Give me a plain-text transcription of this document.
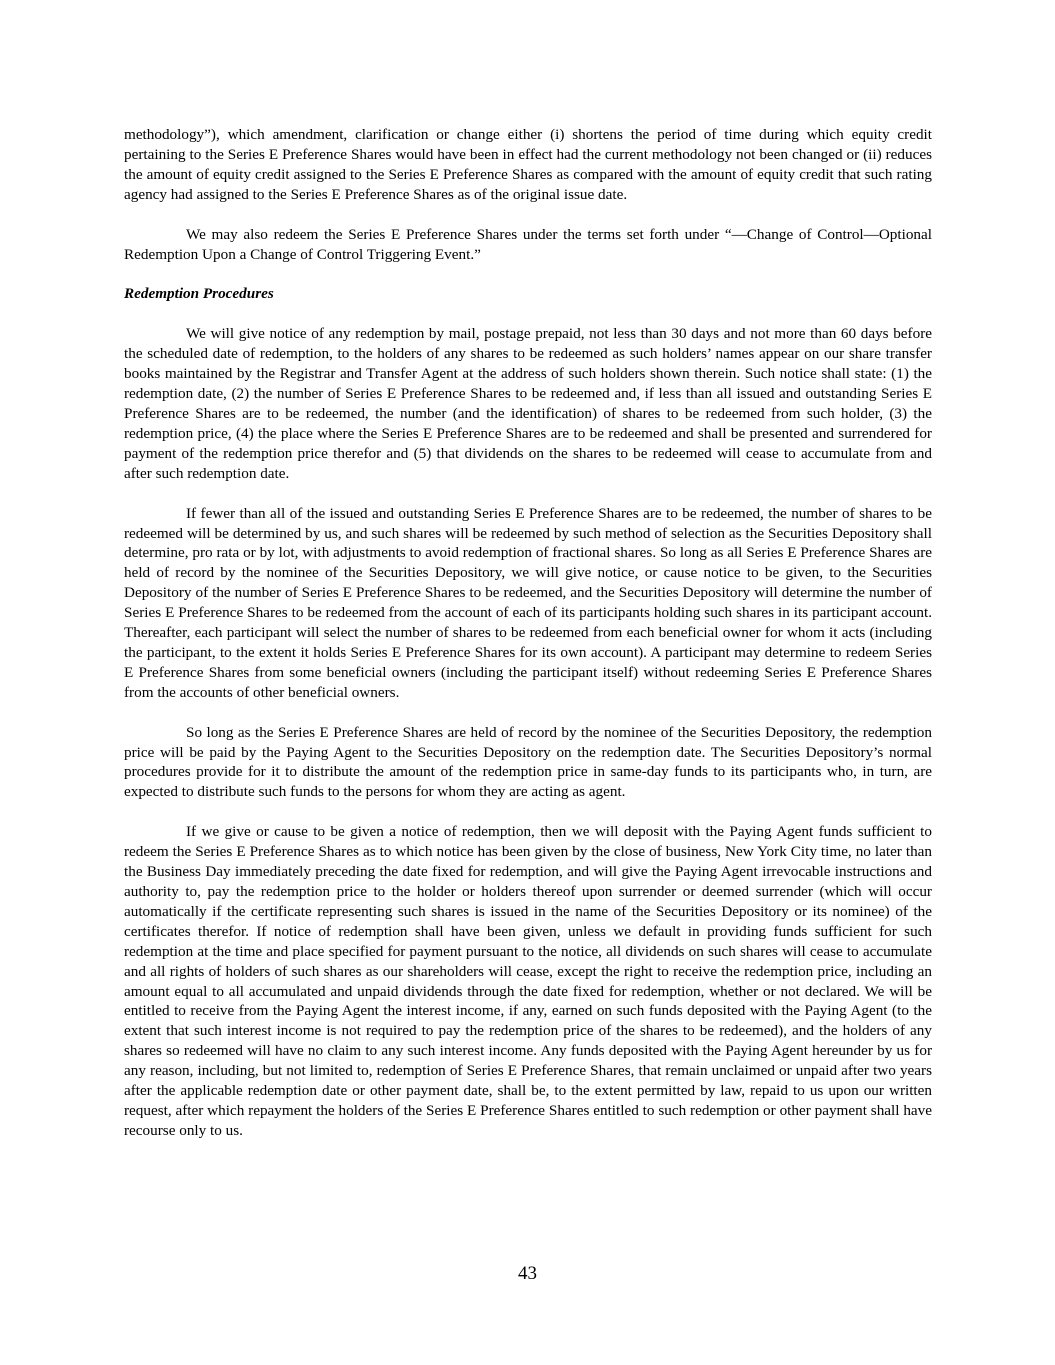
methodology”), which amendment, clarification or change either (i) shortens the period of time during which equity credit pertaining to the Series E Preference Shares would have been in effect had the current methodology not been changed or (ii) reduces the amount of equity credit assigned to the Series E Preference Shares as compared with the amount of equity credit that such rating agency had assigned to the Series E Preference Shares as of the original issue date.

We may also redeem the Series E Preference Shares under the terms set forth under “—Change of Control—Optional Redemption Upon a Change of Control Triggering Event.”

Redemption Procedures

We will give notice of any redemption by mail, postage prepaid, not less than 30 days and not more than 60 days before the scheduled date of redemption, to the holders of any shares to be redeemed as such holders’ names appear on our share transfer books maintained by the Registrar and Transfer Agent at the address of such holders shown therein. Such notice shall state: (1) the redemption date, (2) the number of Series E Preference Shares to be redeemed and, if less than all issued and outstanding Series E Preference Shares are to be redeemed, the number (and the identification) of shares to be redeemed from such holder, (3) the redemption price, (4) the place where the Series E Preference Shares are to be redeemed and shall be presented and surrendered for payment of the redemption price therefor and (5) that dividends on the shares to be redeemed will cease to accumulate from and after such redemption date.

If fewer than all of the issued and outstanding Series E Preference Shares are to be redeemed, the number of shares to be redeemed will be determined by us, and such shares will be redeemed by such method of selection as the Securities Depository shall determine, pro rata or by lot, with adjustments to avoid redemption of fractional shares. So long as all Series E Preference Shares are held of record by the nominee of the Securities Depository, we will give notice, or cause notice to be given, to the Securities Depository of the number of Series E Preference Shares to be redeemed, and the Securities Depository will determine the number of Series E Preference Shares to be redeemed from the account of each of its participants holding such shares in its participant account. Thereafter, each participant will select the number of shares to be redeemed from each beneficial owner for whom it acts (including the participant, to the extent it holds Series E Preference Shares for its own account). A participant may determine to redeem Series E Preference Shares from some beneficial owners (including the participant itself) without redeeming Series E Preference Shares from the accounts of other beneficial owners.

So long as the Series E Preference Shares are held of record by the nominee of the Securities Depository, the redemption price will be paid by the Paying Agent to the Securities Depository on the redemption date. The Securities Depository’s normal procedures provide for it to distribute the amount of the redemption price in same-day funds to its participants who, in turn, are expected to distribute such funds to the persons for whom they are acting as agent.

If we give or cause to be given a notice of redemption, then we will deposit with the Paying Agent funds sufficient to redeem the Series E Preference Shares as to which notice has been given by the close of business, New York City time, no later than the Business Day immediately preceding the date fixed for redemption, and will give the Paying Agent irrevocable instructions and authority to, pay the redemption price to the holder or holders thereof upon surrender or deemed surrender (which will occur automatically if the certificate representing such shares is issued in the name of the Securities Depository or its nominee) of the certificates therefor. If notice of redemption shall have been given, unless we default in providing funds sufficient for such redemption at the time and place specified for payment pursuant to the notice, all dividends on such shares will cease to accumulate and all rights of holders of such shares as our shareholders will cease, except the right to receive the redemption price, including an amount equal to all accumulated and unpaid dividends through the date fixed for redemption, whether or not declared. We will be entitled to receive from the Paying Agent the interest income, if any, earned on such funds deposited with the Paying Agent (to the extent that such interest income is not required to pay the redemption price of the shares to be redeemed), and the holders of any shares so redeemed will have no claim to any such interest income. Any funds deposited with the Paying Agent hereunder by us for any reason, including, but not limited to, redemption of Series E Preference Shares, that remain unclaimed or unpaid after two years after the applicable redemption date or other payment date, shall be, to the extent permitted by law, repaid to us upon our written request, after which repayment the holders of the Series E Preference Shares entitled to such redemption or other payment shall have recourse only to us.

43
